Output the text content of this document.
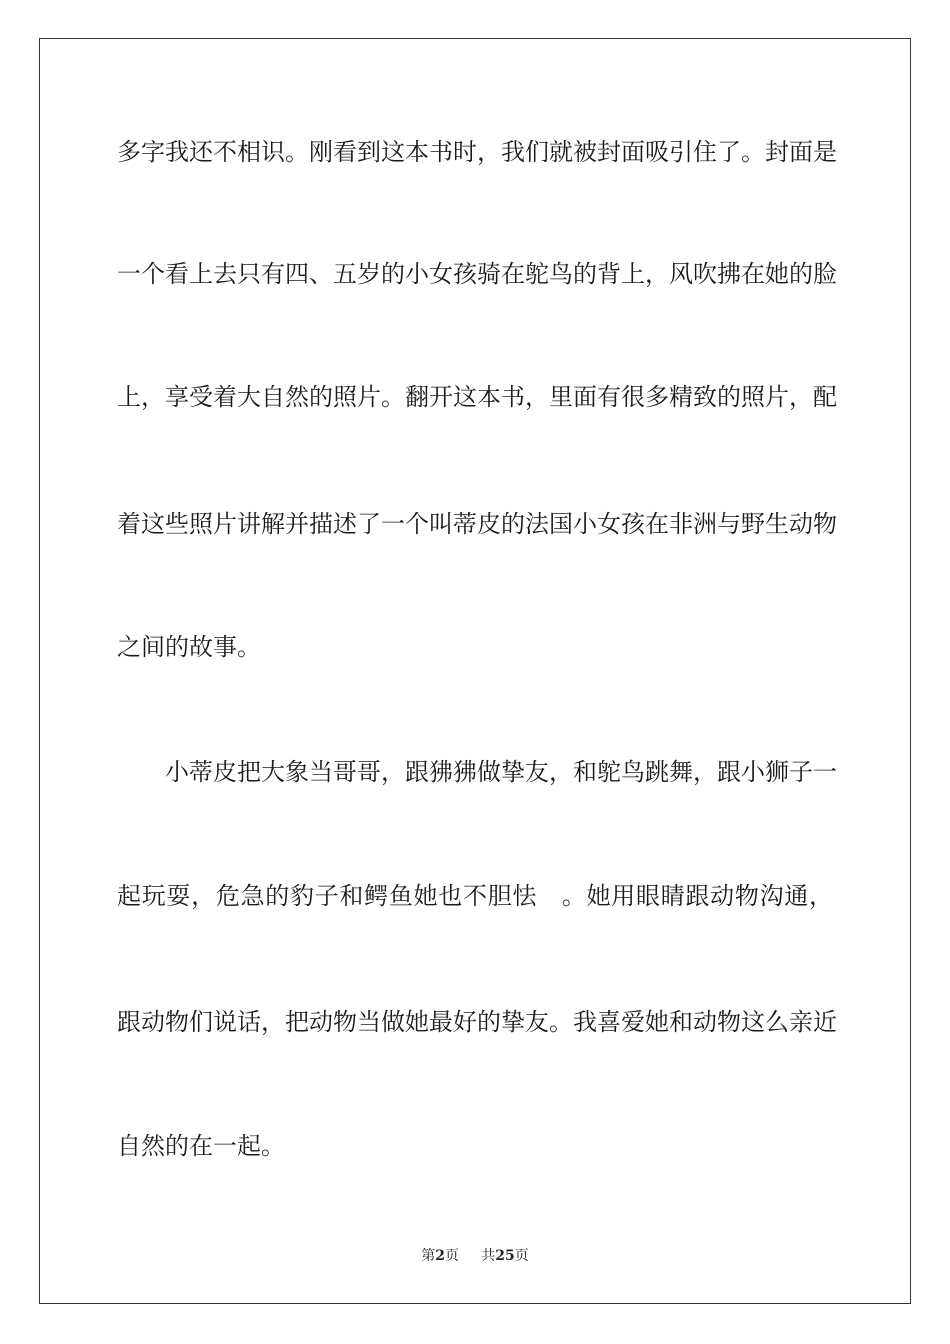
多字我还不相识。刚看到这本书时，我们就被封面吸引住了。封面是
一个看上去只有四、五岁的小女孩骑在鸵鸟的背上，风吹拂在她的脸
上，享受着大自然的照片。翻开这本书，里面有很多精致的照片，配
着这些照片讲解并描述了一个叫蒂皮的法国小女孩在非洲与野生动物
之间的故事。
小蒂皮把大象当哥哥，跟狒狒做挚友，和鸵鸟跳舞，跟小狮子一
起玩耍，危急的豹子和鳄鱼她也不胆怯　。她用眼睛跟动物沟通，
跟动物们说话，把动物当做她最好的挚友。我喜爱她和动物这么亲近
自然的在一起。
第2页 共25页
